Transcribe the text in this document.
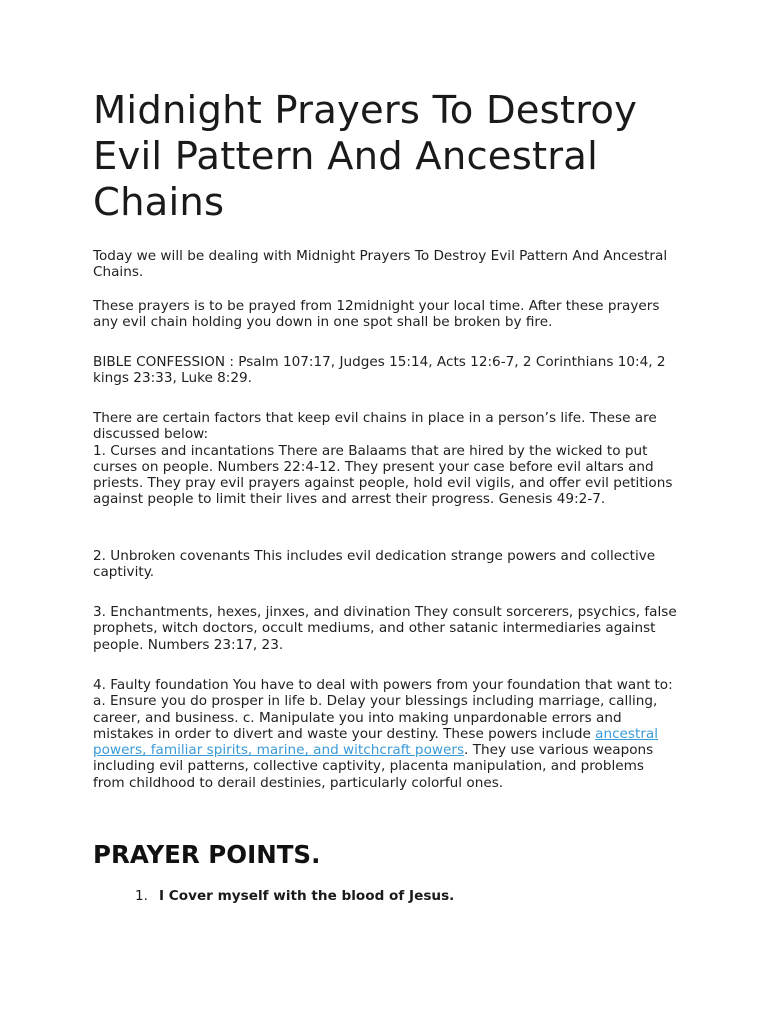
Midnight Prayers To Destroy Evil Pattern And Ancestral Chains

Today we will be dealing with Midnight Prayers To Destroy Evil Pattern And Ancestral Chains.

These prayers is to be prayed from 12midnight your local time. After these prayers any evil chain holding you down in one spot shall be broken by fire.

BIBLE CONFESSION : Psalm 107:17, Judges 15:14, Acts 12:6-7, 2 Corinthians 10:4, 2 kings 23:33, Luke 8:29.

There are certain factors that keep evil chains in place in a person’s life. These are discussed below:
1. Curses and incantations There are Balaams that are hired by the wicked to put curses on people. Numbers 22:4-12. They present your case before evil altars and priests. They pray evil prayers against people, hold evil vigils, and offer evil petitions against people to limit their lives and arrest their progress. Genesis 49:2-7.

2. Unbroken covenants This includes evil dedication strange powers and collective captivity.

3. Enchantments, hexes, jinxes, and divination They consult sorcerers, psychics, false prophets, witch doctors, occult mediums, and other satanic intermediaries against people. Numbers 23:17, 23.

4. Faulty foundation You have to deal with powers from your foundation that want to: a. Ensure you do prosper in life b. Delay your blessings including marriage, calling, career, and business. c. Manipulate you into making unpardonable errors and mistakes in order to divert and waste your destiny. These powers include ancestral powers, familiar spirits, marine, and witchcraft powers. They use various weapons including evil patterns, collective captivity, placenta manipulation, and problems from childhood to derail destinies, particularly colorful ones.

PRAYER POINTS.
1. I Cover myself with the blood of Jesus.
